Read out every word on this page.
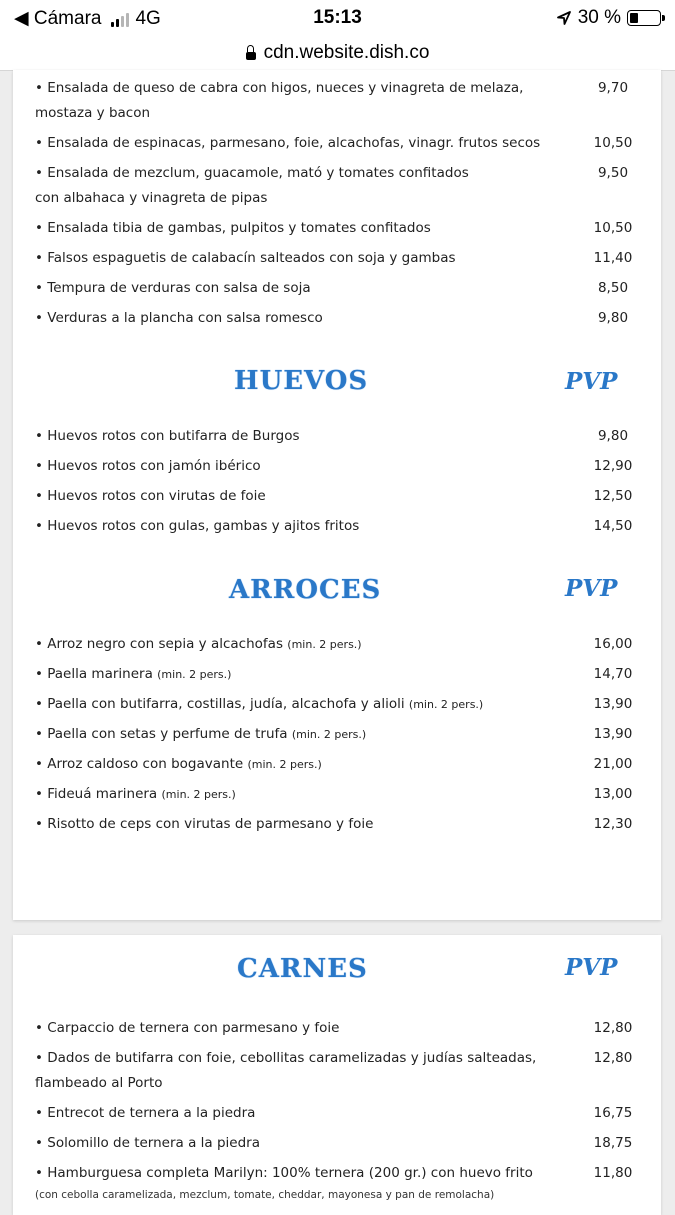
◀ Cámara 4G	15:13	30 %
cdn.website.dish.co
• Ensalada de queso de cabra con higos, nueces y vinagreta de melaza,	9,70
mostaza y bacon
• Ensalada de espinacas, parmesano, foie, alcachofas, vinagr. frutos secos	10,50
• Ensalada de mezclum, guacamole, mató y tomates confitados	9,50
con albahaca y vinagreta de pipas
• Ensalada tibia de gambas, pulpitos y tomates confitados	10,50
• Falsos espaguetis de calabacín salteados con soja y gambas	11,40
• Tempura de verduras con salsa de soja	8,50
• Verduras a la plancha con salsa romesco	9,80
HUEVOS	PVP
• Huevos rotos con butifarra de Burgos	9,80
• Huevos rotos con jamón ibérico	12,90
• Huevos rotos con virutas de foie	12,50
• Huevos rotos con gulas, gambas y ajitos fritos	14,50
ARROCES	PVP
• Arroz negro con sepia y alcachofas (min. 2 pers.)	16,00
• Paella marinera (min. 2 pers.)	14,70
• Paella con butifarra, costillas, judía, alcachofa y alioli (min. 2 pers.)	13,90
• Paella con setas y perfume de trufa (min. 2 pers.)	13,90
• Arroz caldoso con bogavante (min. 2 pers.)	21,00
• Fideuá marinera (min. 2 pers.)	13,00
• Risotto de ceps con virutas de parmesano y foie	12,30
CARNES	PVP
• Carpaccio de ternera con parmesano y foie	12,80
• Dados de butifarra con foie, cebollitas caramelizadas y judías salteadas,	12,80
flambeado al Porto
• Entrecot de ternera a la piedra	16,75
• Solomillo de ternera a la piedra	18,75
• Hamburguesa completa Marilyn: 100% ternera (200 gr.) con huevo frito	11,80
(con cebolla caramelizada, mezclum, tomate, cheddar, mayonesa y pan de remolacha)
